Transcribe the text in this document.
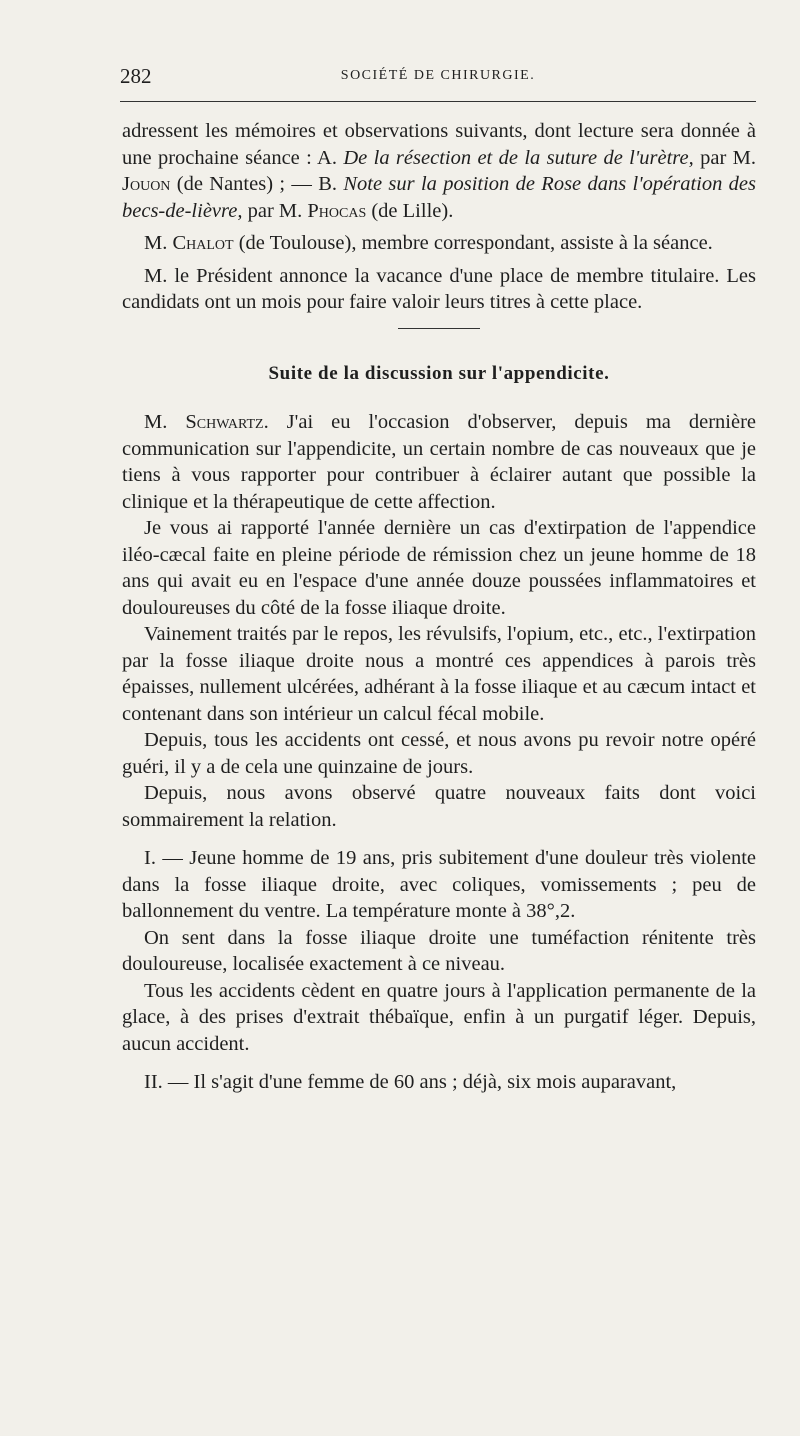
282	SOCIÉTÉ DE CHIRURGIE.

adressent les mémoires et observations suivants, dont lecture sera donnée à une prochaine séance : A. De la résection et de la suture de l'urètre, par M. Jouon (de Nantes) ; — B. Note sur la position de Rose dans l'opération des becs-de-lièvre, par M. Phocas (de Lille).

M. Chalot (de Toulouse), membre correspondant, assiste à la séance.

M. le Président annonce la vacance d'une place de membre titulaire. Les candidats ont un mois pour faire valoir leurs titres à cette place.

Suite de la discussion sur l'appendicite.

M. Schwartz. J'ai eu l'occasion d'observer, depuis ma dernière communication sur l'appendicite, un certain nombre de cas nouveaux que je tiens à vous rapporter pour contribuer à éclairer autant que possible la clinique et la thérapeutique de cette affection.

Je vous ai rapporté l'année dernière un cas d'extirpation de l'appendice iléo-cæcal faite en pleine période de rémission chez un jeune homme de 18 ans qui avait eu en l'espace d'une année douze poussées inflammatoires et douloureuses du côté de la fosse iliaque droite.

Vainement traités par le repos, les révulsifs, l'opium, etc., etc., l'extirpation par la fosse iliaque droite nous a montré ces appendices à parois très épaisses, nullement ulcérées, adhérant à la fosse iliaque et au cæcum intact et contenant dans son intérieur un calcul fécal mobile.

Depuis, tous les accidents ont cessé, et nous avons pu revoir notre opéré guéri, il y a de cela une quinzaine de jours.

Depuis, nous avons observé quatre nouveaux faits dont voici sommairement la relation.

I. — Jeune homme de 19 ans, pris subitement d'une douleur très violente dans la fosse iliaque droite, avec coliques, vomissements ; peu de ballonnement du ventre. La température monte à 38°,2.

On sent dans la fosse iliaque droite une tuméfaction rénitente très douloureuse, localisée exactement à ce niveau.

Tous les accidents cèdent en quatre jours à l'application permanente de la glace, à des prises d'extrait thébaïque, enfin à un purgatif léger. Depuis, aucun accident.

II. — Il s'agit d'une femme de 60 ans ; déjà, six mois auparavant,
